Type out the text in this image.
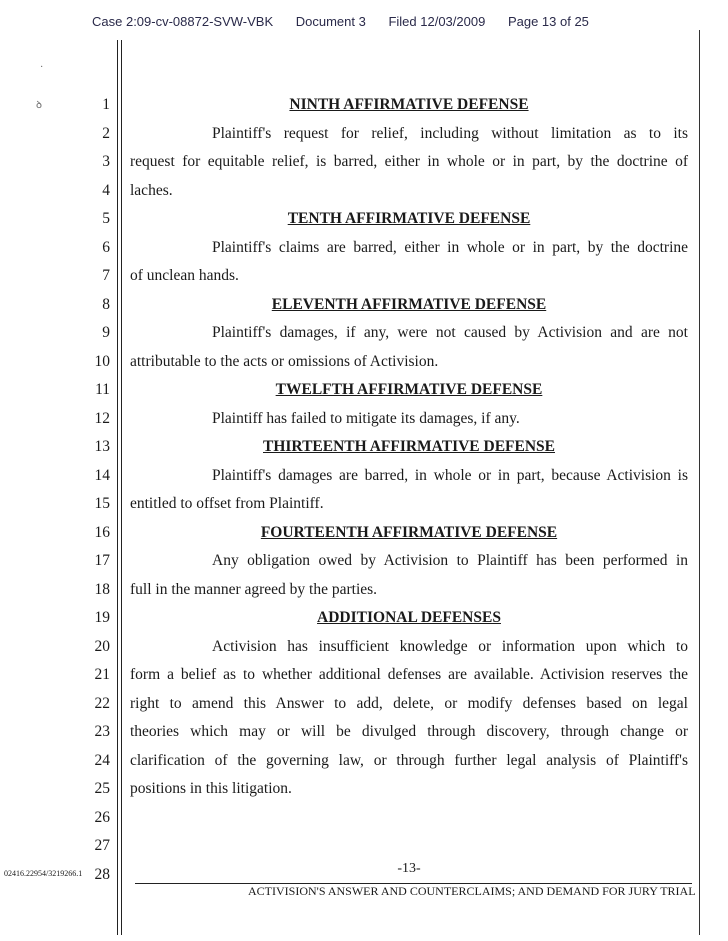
Case 2:09-cv-08872-SVW-VBK Document 3 Filed 12/03/2009 Page 13 of 25
·
ꝺ	1	NINTH AFFIRMATIVE DEFENSE
2	Plaintiff's request for relief, including without limitation as to its
3 request for equitable relief, is barred, either in whole or in part, by the doctrine of
4 laches.
5	TENTH AFFIRMATIVE DEFENSE
6	Plaintiff's claims are barred, either in whole or in part, by the doctrine
7 of unclean hands.
8	ELEVENTH AFFIRMATIVE DEFENSE
9	Plaintiff's damages, if any, were not caused by Activision and are not
10 attributable to the acts or omissions of Activision.
11	TWELFTH AFFIRMATIVE DEFENSE
12	Plaintiff has failed to mitigate its damages, if any.
13	THIRTEENTH AFFIRMATIVE DEFENSE
14	Plaintiff's damages are barred, in whole or in part, because Activision is
15 entitled to offset from Plaintiff.
16	FOURTEENTH AFFIRMATIVE DEFENSE
17	Any obligation owed by Activision to Plaintiff has been performed in
18 full in the manner agreed by the parties.
19	ADDITIONAL DEFENSES
20	Activision has insufficient knowledge or information upon which to
21 form a belief as to whether additional defenses are available. Activision reserves the
22 right to amend this Answer to add, delete, or modify defenses based on legal
23 theories which may or will be divulged through discovery, through change or
24 clarification of the governing law, or through further legal analysis of Plaintiff's
25 positions in this litigation.
26
27
28
02416.22954/3219266.1	-13-
ACTIVISION'S ANSWER AND COUNTERCLAIMS; AND DEMAND FOR JURY TRIAL
